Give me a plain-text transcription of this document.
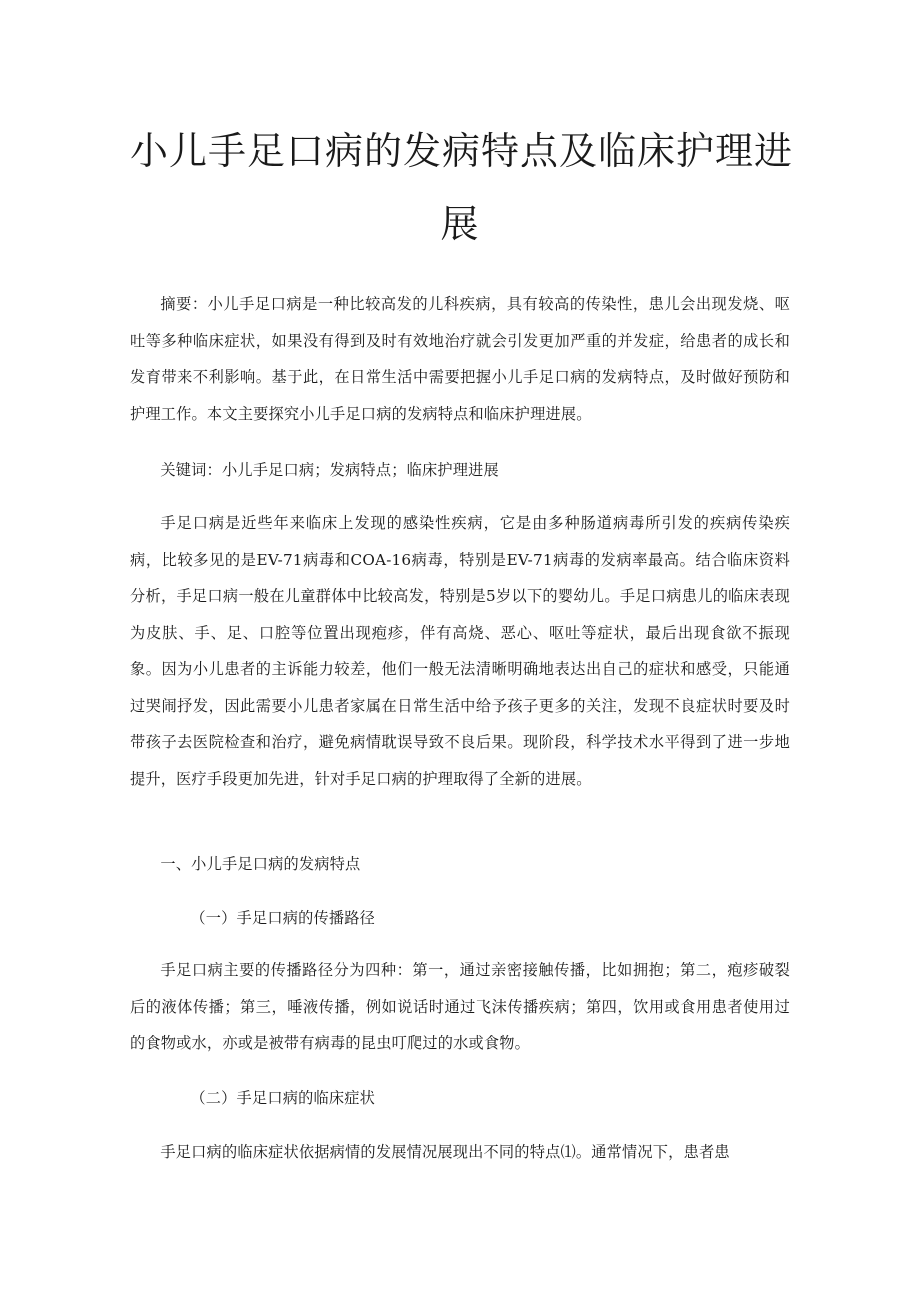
小儿手足口病的发病特点及临床护理进
展

摘要：小儿手足口病是一种比较高发的儿科疾病，具有较高的传染性，患儿会出现发烧、呕吐等多种临床症状，如果没有得到及时有效地治疗就会引发更加严重的并发症，给患者的成长和发育带来不利影响。基于此，在日常生活中需要把握小儿手足口病的发病特点，及时做好预防和护理工作。本文主要探究小儿手足口病的发病特点和临床护理进展。

关键词：小儿手足口病；发病特点；临床护理进展

手足口病是近些年来临床上发现的感染性疾病，它是由多种肠道病毒所引发的疾病传染疾病，比较多见的是EV-71病毒和COA-16病毒，特别是EV-71病毒的发病率最高。结合临床资料分析，手足口病一般在儿童群体中比较高发，特别是5岁以下的婴幼儿。手足口病患儿的临床表现为皮肤、手、足、口腔等位置出现疱疹，伴有高烧、恶心、呕吐等症状，最后出现食欲不振现象。因为小儿患者的主诉能力较差，他们一般无法清晰明确地表达出自己的症状和感受，只能通过哭闹抒发，因此需要小儿患者家属在日常生活中给予孩子更多的关注，发现不良症状时要及时带孩子去医院检查和治疗，避免病情耽误导致不良后果。现阶段，科学技术水平得到了进一步地提升，医疗手段更加先进，针对手足口病的护理取得了全新的进展。

一、小儿手足口病的发病特点

（一）手足口病的传播路径

手足口病主要的传播路径分为四种：第一，通过亲密接触传播，比如拥抱；第二，疱疹破裂后的液体传播；第三，唾液传播，例如说话时通过飞沫传播疾病；第四，饮用或食用患者使用过的食物或水，亦或是被带有病毒的昆虫叮爬过的水或食物。

（二）手足口病的临床症状

手足口病的临床症状依据病情的发展情况展现出不同的特点⑴。通常情况下，患者患
